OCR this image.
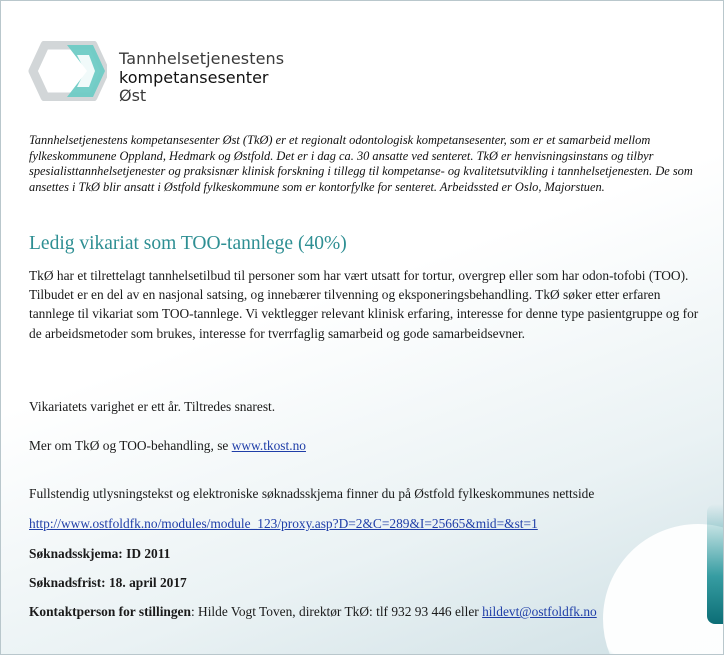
Tannhelsetjenestens
kompetansesenter
Øst
Tannhelsetjenestens kompetansesenter Øst (TkØ) er et regionalt odontologisk kompetansesenter, som er et samarbeid mellom fylkeskommunene Oppland, Hedmark og Østfold. Det er i dag ca. 30 ansatte ved senteret. TkØ er henvisningsinstans og tilbyr spesialisttannhelsetjenester og praksisnær klinisk forskning i tillegg til kompetanse- og kvalitetsutvikling i tannhelsetjenesten. De som ansettes i TkØ blir ansatt i Østfold fylkeskommune som er kontorfylke for senteret. Arbeidssted er Oslo, Majorstuen.
Ledig vikariat som TOO-tannlege (40%)
TkØ har et tilrettelagt tannhelsetilbud til personer som har vært utsatt for tortur, overgrep eller som har odon-tofobi (TOO). Tilbudet er en del av en nasjonal satsing, og innebærer tilvenning og eksponeringsbehandling. TkØ søker etter erfaren tannlege til vikariat som TOO-tannlege. Vi vektlegger relevant klinisk erfaring, interesse for denne type pasientgruppe og for de arbeidsmetoder som brukes, interesse for tverrfaglig samarbeid og gode samarbeidsevner.
Vikariatets varighet er ett år. Tiltredes snarest.
Mer om TkØ og TOO-behandling, se www.tkost.no
Fullstendig utlysningstekst og elektroniske søknadsskjema finner du på Østfold fylkeskommunes nettside
http://www.ostfoldfk.no/modules/module_123/proxy.asp?D=2&C=289&I=25665&mid=&st=1
Søknadsskjema: ID 2011
Søknadsfrist: 18. april 2017
Kontaktperson for stillingen: Hilde Vogt Toven, direktør TkØ: tlf 932 93 446 eller hildevt@ostfoldfk.no
